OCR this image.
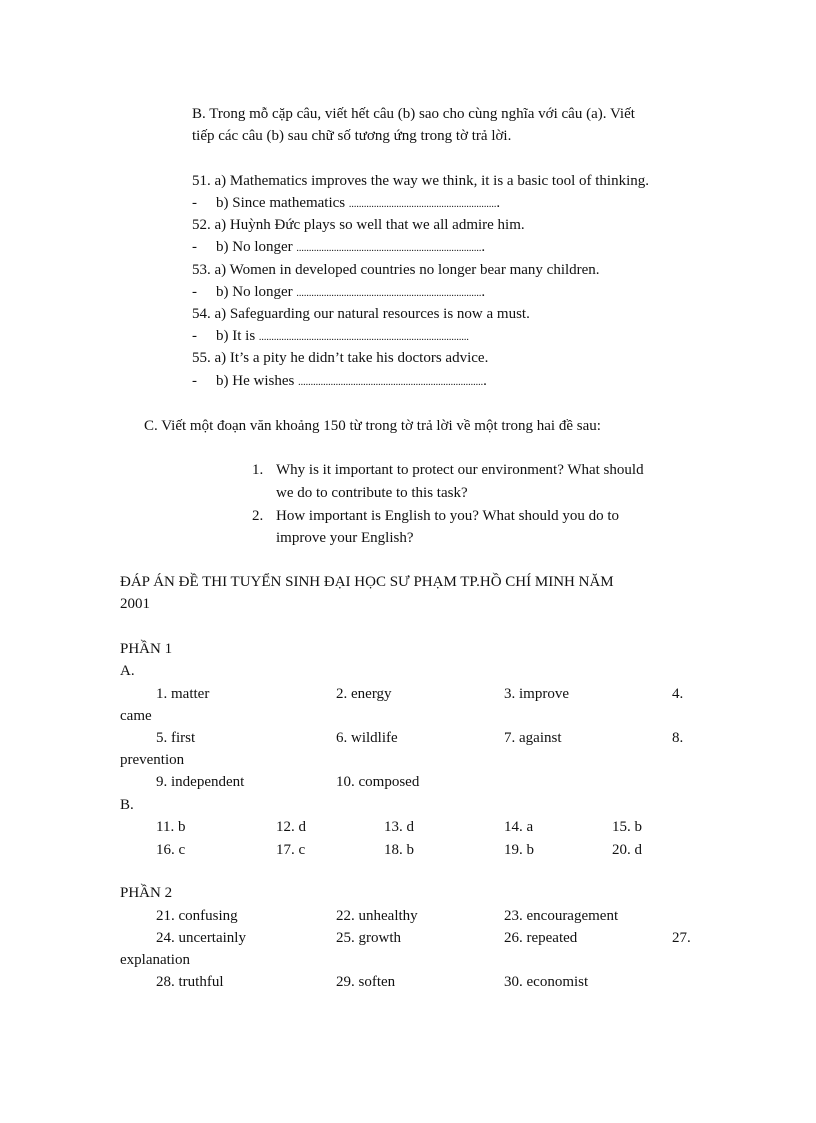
B. Trong mỗ cặp câu, viết hết câu (b) sao cho cùng nghĩa với câu (a). Viết
tiếp các câu (b) sau chữ số tương ứng trong tờ trả lời.
51. a) Mathematics improves the way we think, it is a basic tool of thinking.
- b) Since mathematics ............................................................
52. a) Huỳnh Đức plays so well that we all admire him.
- b) No longer ...........................................................................
53. a) Women in developed countries no longer bear many children.
- b) No longer ...........................................................................
54. a) Safeguarding our natural resources is now a must.
- b) It is ....................................................................................
55. a) It’s a pity he didn’t take his doctors advice.
- b) He wishes ...........................................................................
C. Viết một đoạn văn khoảng 150 từ trong tờ trả lời về một trong hai đề sau:
1. Why is it important to protect our environment? What should
we do to contribute to this task?
2. How important is English to you? What should you do to
improve your English?
ĐÁP ÁN ĐỀ THI TUYỂN SINH ĐẠI HỌC SƯ PHẠM TP.HỒ CHÍ MINH NĂM
2001
PHẦN 1
A.
1. matter	2. energy	3. improve	4.
came
5. first	6. wildlife	7. against	8.
prevention
9. independent	10. composed
B.
11. b	12. d	13. d	14. a	15. b
16. c	17. c	18. b	19. b	20. d
PHẦN 2
21. confusing	22. unhealthy	23. encouragement
24. uncertainly	25. growth	26. repeated	27.
explanation
28. truthful	29. soften	30. economist
